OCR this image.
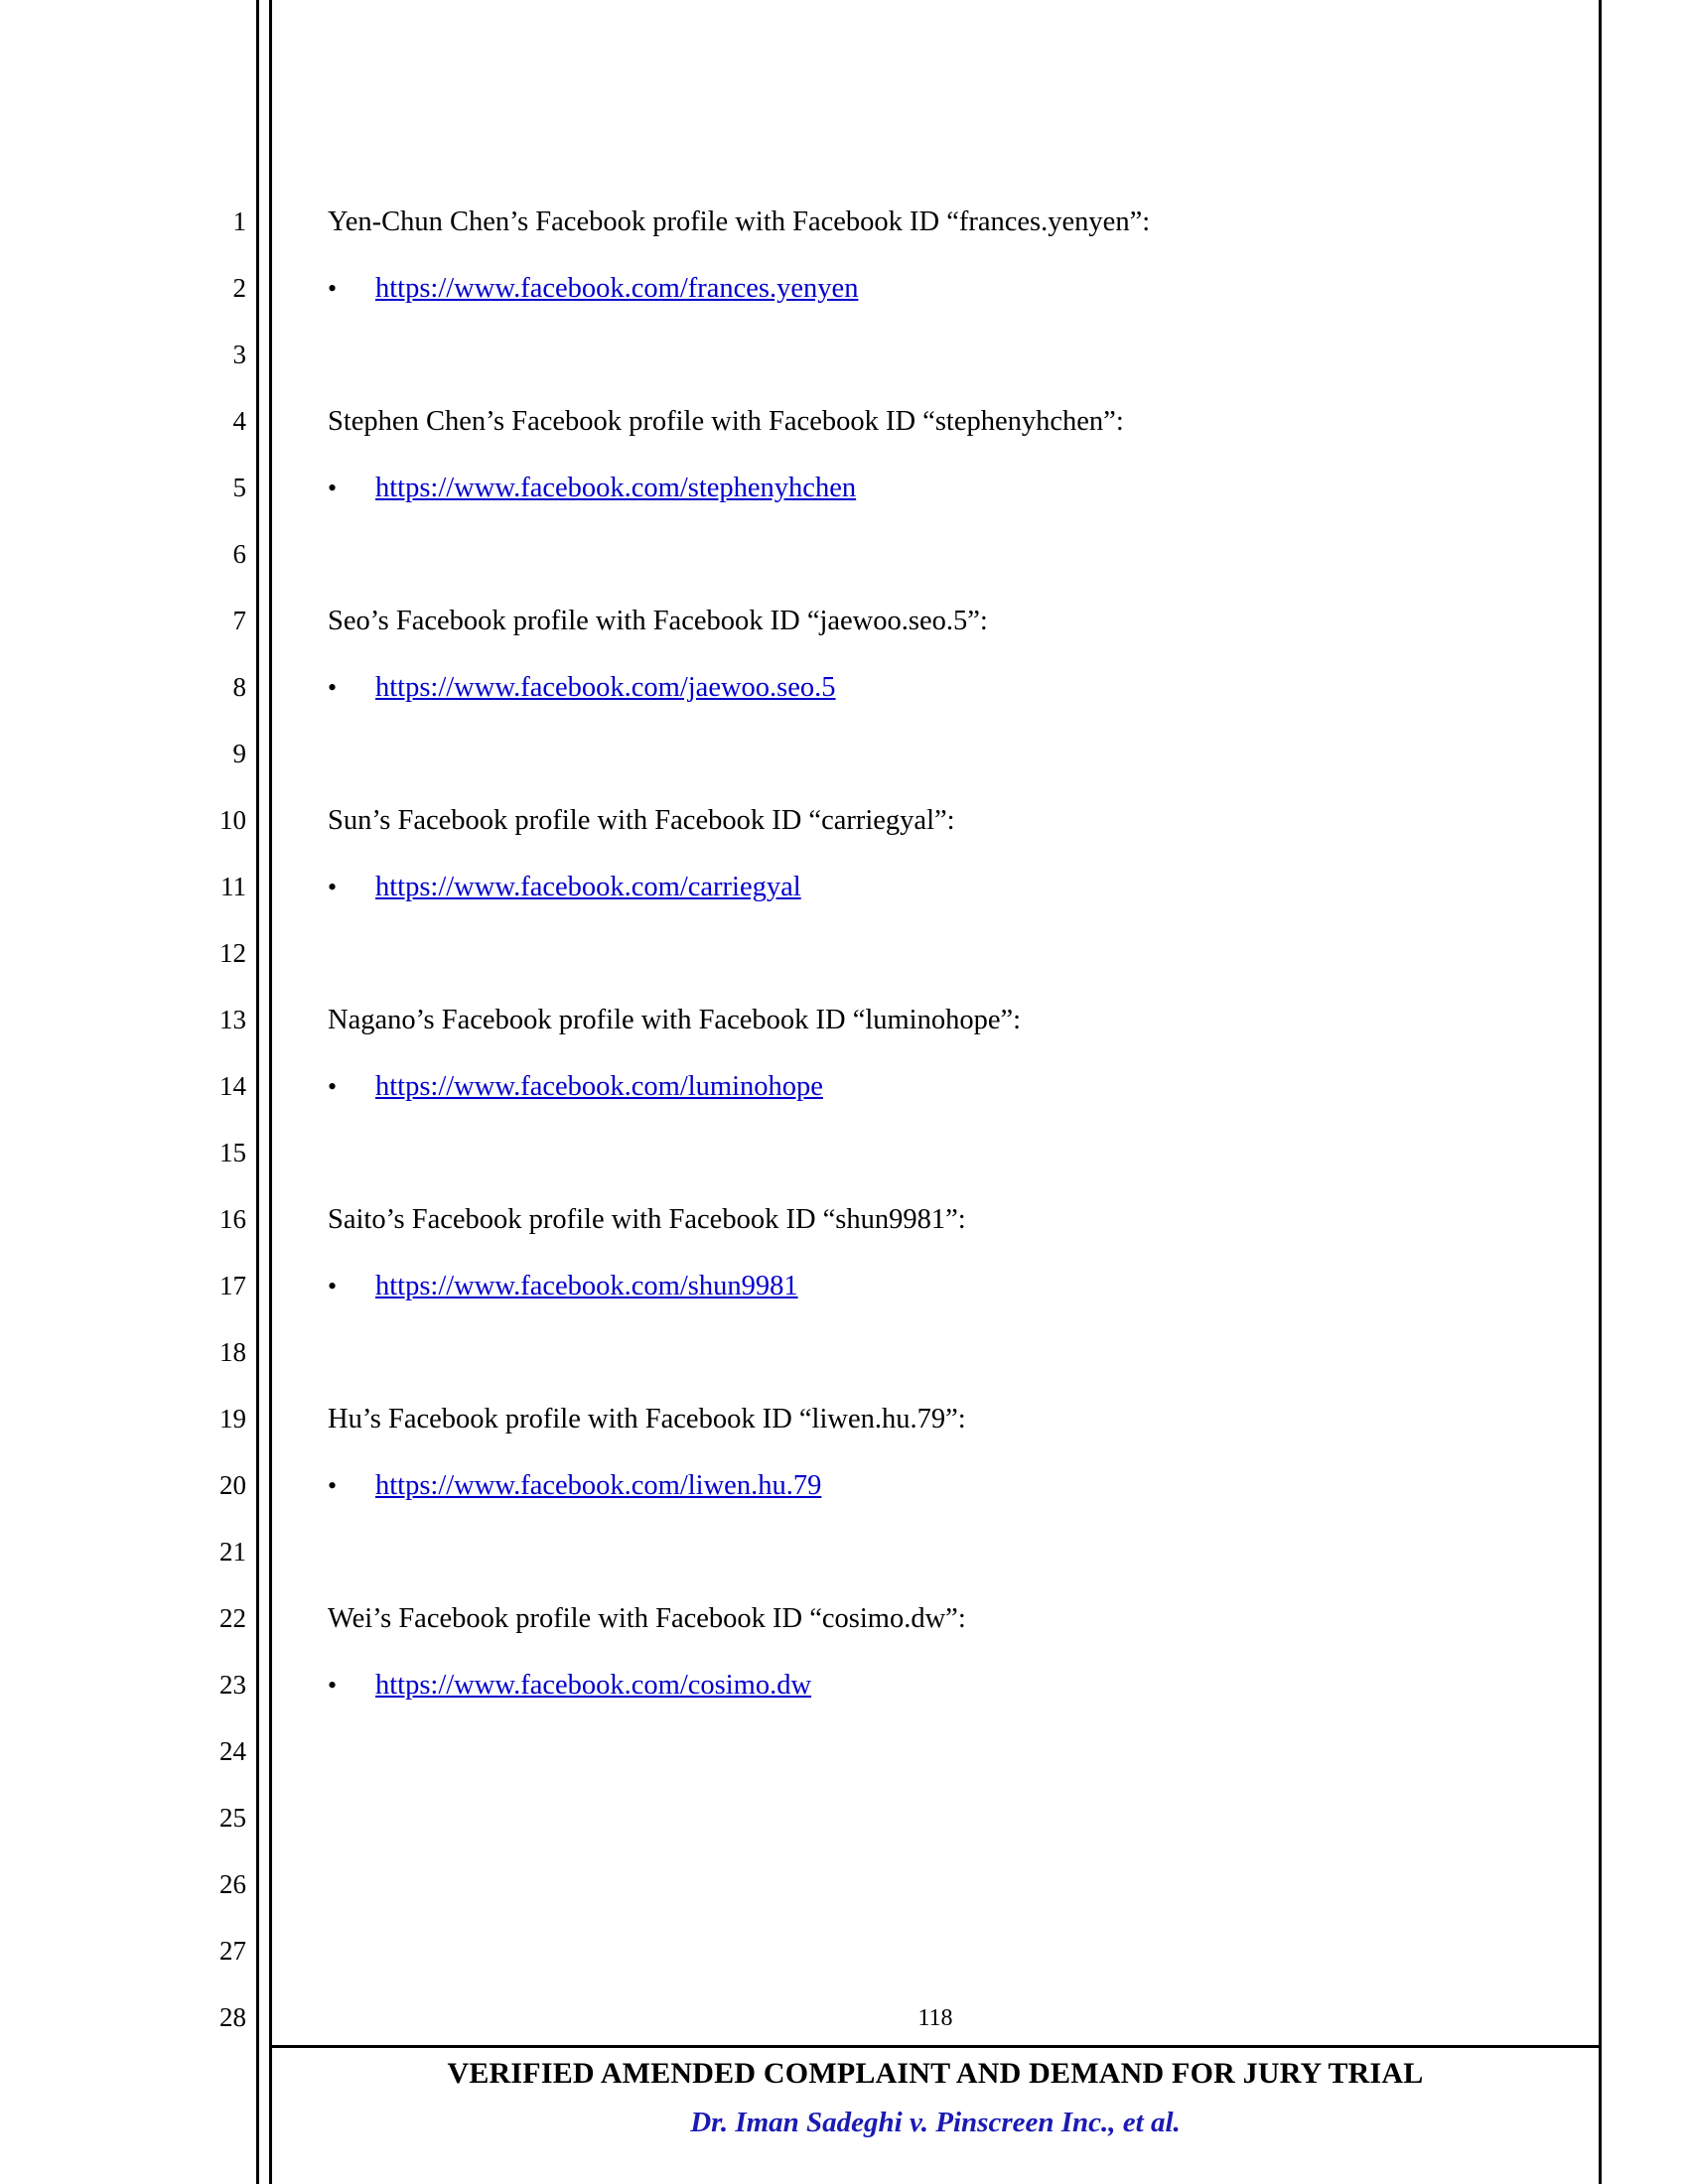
1
2
3
4
5
6
7
8
9
10
11
12
13
14
15
16
17
18
19
20
21
22
23
24
25
26
27
28
Yen-Chun Chen’s Facebook profile with Facebook ID “frances.yenyen”:
•	https://www.facebook.com/frances.yenyen
Stephen Chen’s Facebook profile with Facebook ID “stephenyhchen”:
•	https://www.facebook.com/stephenyhchen
Seo’s Facebook profile with Facebook ID “jaewoo.seo.5”:
•	https://www.facebook.com/jaewoo.seo.5
Sun’s Facebook profile with Facebook ID “carriegyal”:
•	https://www.facebook.com/carriegyal
Nagano’s Facebook profile with Facebook ID “luminohope”:
•	https://www.facebook.com/luminohope
Saito’s Facebook profile with Facebook ID “shun9981”:
•	https://www.facebook.com/shun9981
Hu’s Facebook profile with Facebook ID “liwen.hu.79”:
•	https://www.facebook.com/liwen.hu.79
Wei’s Facebook profile with Facebook ID “cosimo.dw”:
•	https://www.facebook.com/cosimo.dw
118
VERIFIED AMENDED COMPLAINT AND DEMAND FOR JURY TRIAL
Dr. Iman Sadeghi v. Pinscreen Inc., et al.
